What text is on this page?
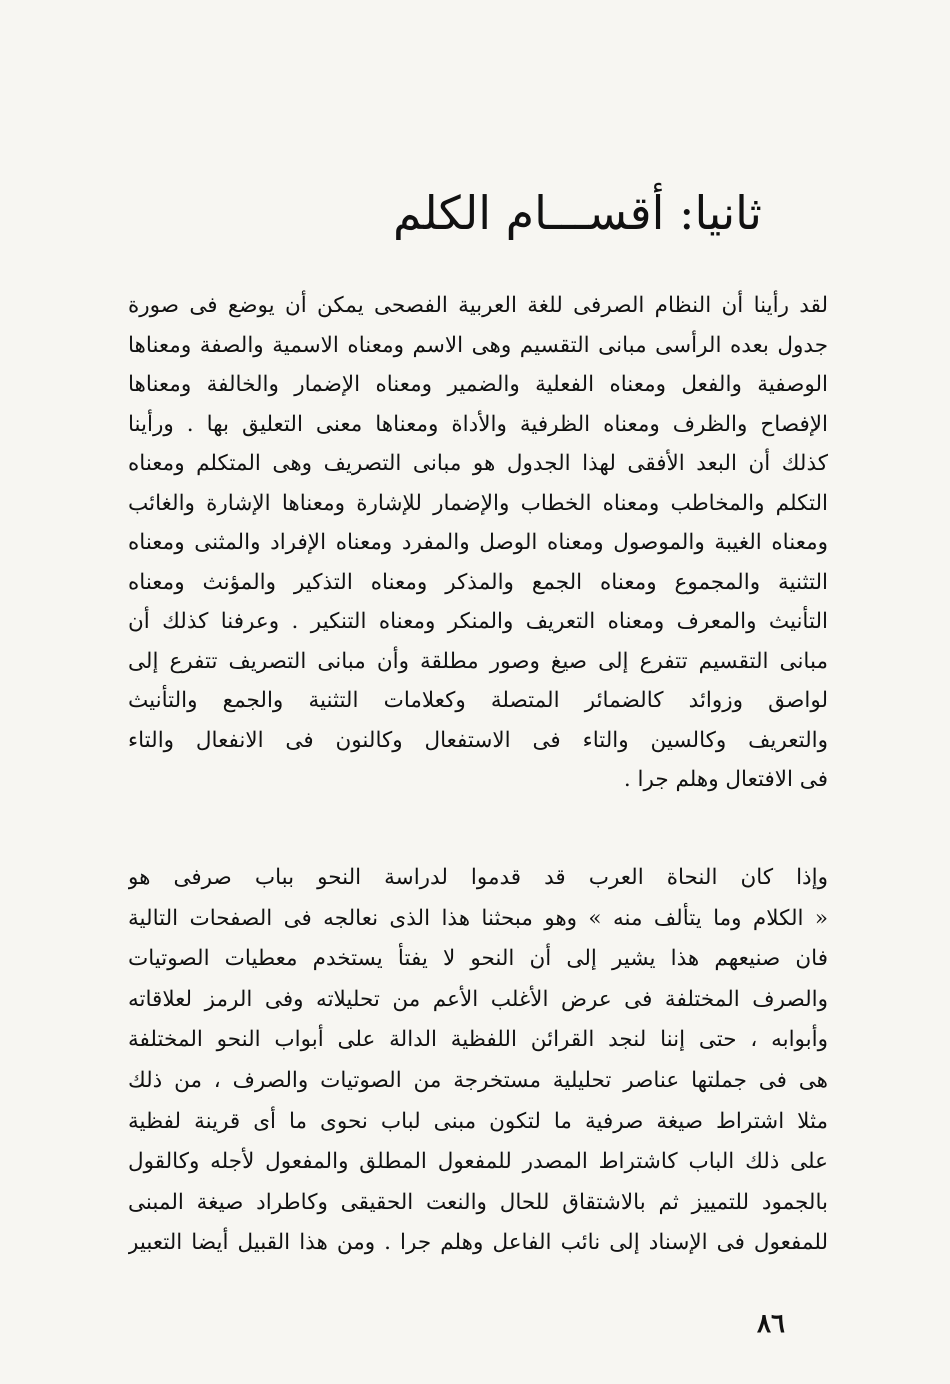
ثانيا: أقســـام الكلم
لقد رأينا أن النظام الصرفى للغة العربية الفصحى يمكن أن يوضع فى صورة
جدول بعده الرأسى مبانى التقسيم وهى الاسم ومعناه الاسمية والصفة ومعناها
الوصفية والفعل ومعناه الفعلية والضمير ومعناه الإضمار والخالفة ومعناها
الإفصاح والظرف ومعناه الظرفية والأداة ومعناها معنى التعليق بها . ورأينا
كذلك أن البعد الأفقى لهذا الجدول هو مبانى التصريف وهى المتكلم ومعناه
التكلم والمخاطب ومعناه الخطاب والإضمار للإشارة ومعناها الإشارة والغائب
ومعناه الغيبة والموصول ومعناه الوصل والمفرد ومعناه الإفراد والمثنى ومعناه
التثنية والمجموع ومعناه الجمع والمذكر ومعناه التذكير والمؤنث ومعناه
التأنيث والمعرف ومعناه التعريف والمنكر ومعناه التنكير . وعرفنا كذلك أن
مبانى التقسيم تتفرع إلى صيغ وصور مطلقة وأن مبانى التصريف تتفرع إلى
لواصق وزوائد كالضمائر المتصلة وكعلامات التثنية والجمع والتأنيث
والتعريف وكالسين والتاء فى الاستفعال وكالنون فى الانفعال والتاء
فى الافتعال وهلم جرا .
وإذا كان النحاة العرب قد قدموا لدراسة النحو بباب صرفى هو
« الكلام وما يتألف منه » وهو مبحثنا هذا الذى نعالجه فى الصفحات التالية
فان صنيعهم هذا يشير إلى أن النحو لا يفتأ يستخدم معطيات الصوتيات
والصرف المختلفة فى عرض الأغلب الأعم من تحليلاته وفى الرمز لعلاقاته
وأبوابه ، حتى إننا لنجد القرائن اللفظية الدالة على أبواب النحو المختلفة
هى فى جملتها عناصر تحليلية مستخرجة من الصوتيات والصرف ، من ذلك
مثلا اشتراط صيغة صرفية ما لتكون مبنى لباب نحوى ما أى قرينة لفظية
على ذلك الباب كاشتراط المصدر للمفعول المطلق والمفعول لأجله وكالقول
بالجمود للتمييز ثم بالاشتقاق للحال والنعت الحقيقى وكاطراد صيغة المبنى
للمفعول فى الإسناد إلى نائب الفاعل وهلم جرا . ومن هذا القبيل أيضا التعبير
٨٦
